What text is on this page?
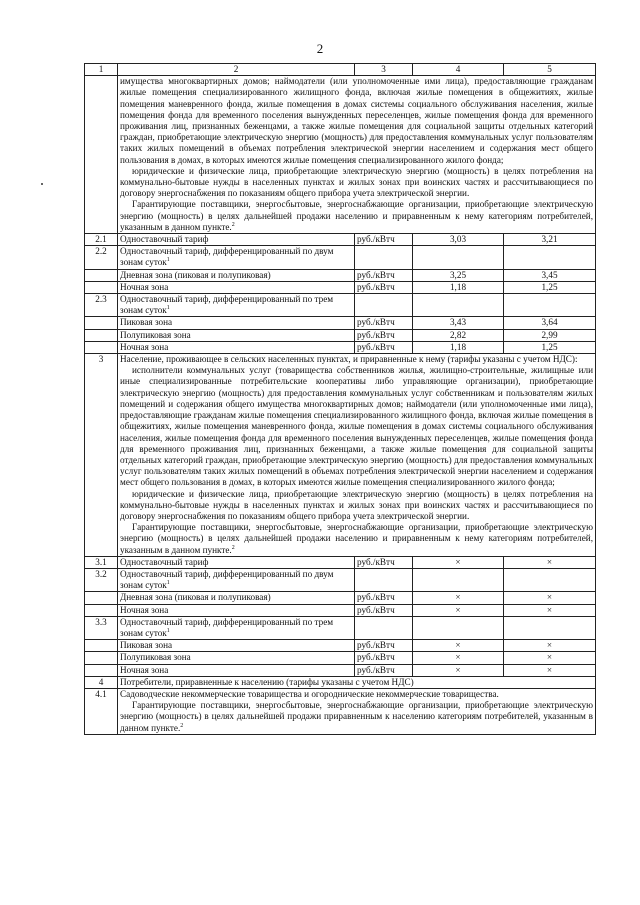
2
1	2	3	4	5

	имущества многоквартирных домов; наймодатели (или уполномоченные ими лица), предоставляющие гражданам жилые помещения специализированного жилищного фонда, включая жилые помещения в общежитиях, жилые помещения маневренного фонда, жилые помещения в домах системы социального обслуживания населения, жилые помещения фонда для временного поселения вынужденных переселенцев, жилые помещения фонда для временного проживания лиц, признанных беженцами, а также жилые помещения для социальной защиты отдельных категорий граждан, приобретающие электрическую энергию (мощность) для предоставления коммунальных услуг пользователям таких жилых помещений в объемах потребления электрической энергии населением и содержания мест общего пользования в домах, в которых имеются жилые помещения специализированного жилого фонда;

юридические и физические лица, приобретающие электрическую энергию (мощность) в целях потребления на коммунально-бытовые нужды в населенных пунктах и жилых зонах при воинских частях и рассчитывающиеся по договору энергоснабжения по показаниям общего прибора учета электрической энергии.

Гарантирующие поставщики, энергосбытовые, энергоснабжающие организации, приобретающие электрическую энергию (мощность) в целях дальнейшей продажи населению и приравненным к нему категориям потребителей, указанным в данном пункте.$^2$

2.1	Одноставочный тариф	руб./кВтч	3,03	3,21
2.2	Одноставочный тариф, дифференцированный по двум зонам суток$^1$			
	Дневная зона (пиковая и полупиковая)	руб./кВтч	3,25	3,45
	Ночная зона	руб./кВтч	1,18	1,25
2.3	Одноставочный тариф, дифференцированный по трем зонам суток$^1$			
	Пиковая зона	руб./кВтч	3,43	3,64
	Полупиковая зона	руб./кВтч	2,82	2,99
	Ночная зона	руб./кВтч	1,18	1,25
3	Население, проживающее в сельских населенных пунктах, и приравненные к нему (тарифы указаны с учетом НДС):

исполнители коммунальных услуг (товарищества собственников жилья, жилищно-строительные, жилищные или иные специализированные потребительские кооперативы либо управляющие организации), приобретающие электрическую энергию (мощность) для предоставления коммунальных услуг собственникам и пользователям жилых помещений и содержания общего имущества многоквартирных домов; наймодатели (или уполномоченные ими лица), предоставляющие гражданам жилые помещения специализированного жилищного фонда, включая жилые помещения в общежитиях, жилые помещения маневренного фонда, жилые помещения в домах системы социального обслуживания населения, жилые помещения фонда для временного поселения вынужденных переселенцев, жилые помещения фонда для временного проживания лиц, признанных беженцами, а также жилые помещения для социальной защиты отдельных категорий граждан, приобретающие электрическую энергию (мощность) для предоставления коммунальных услуг пользователям таких жилых помещений в объемах потребления электрической энергии населением и содержания мест общего пользования в домах, в которых имеются жилые помещения специализированного жилого фонда;

юридические и физические лица, приобретающие электрическую энергию (мощность) в целях потребления на коммунально-бытовые нужды в населенных пунктах и жилых зонах при воинских частях и рассчитывающиеся по договору энергоснабжения по показаниям общего прибора учета электрической энергии.

Гарантирующие поставщики, энергосбытовые, энергоснабжающие организации, приобретающие электрическую энергию (мощность) в целях дальнейшей продажи населению и приравненным к нему категориям потребителей, указанным в данном пункте.$^2$

3.1	Одноставочный тариф	руб./кВтч	×	×
3.2	Одноставочный тариф, дифференцированный по двум зонам суток$^1$			
	Дневная зона (пиковая и полупиковая)	руб./кВтч	×	×
	Ночная зона	руб./кВтч	×	×
3.3	Одноставочный тариф, дифференцированный по трем зонам суток$^1$			
	Пиковая зона	руб./кВтч	×	×
	Полупиковая зона	руб./кВтч	×	×
	Ночная зона	руб./кВтч	×	×
4	Потребители, приравненные к населению (тарифы указаны с учетом НДС)			
4.1	Садоводческие некоммерческие товарищества и огороднические некоммерческие товарищества.

Гарантирующие поставщики, энергосбытовые, энергоснабжающие организации, приобретающие электрическую энергию (мощность) в целях дальнейшей продажи приравненным к населению категориям потребителей, указанным в данном пункте.$^2$
